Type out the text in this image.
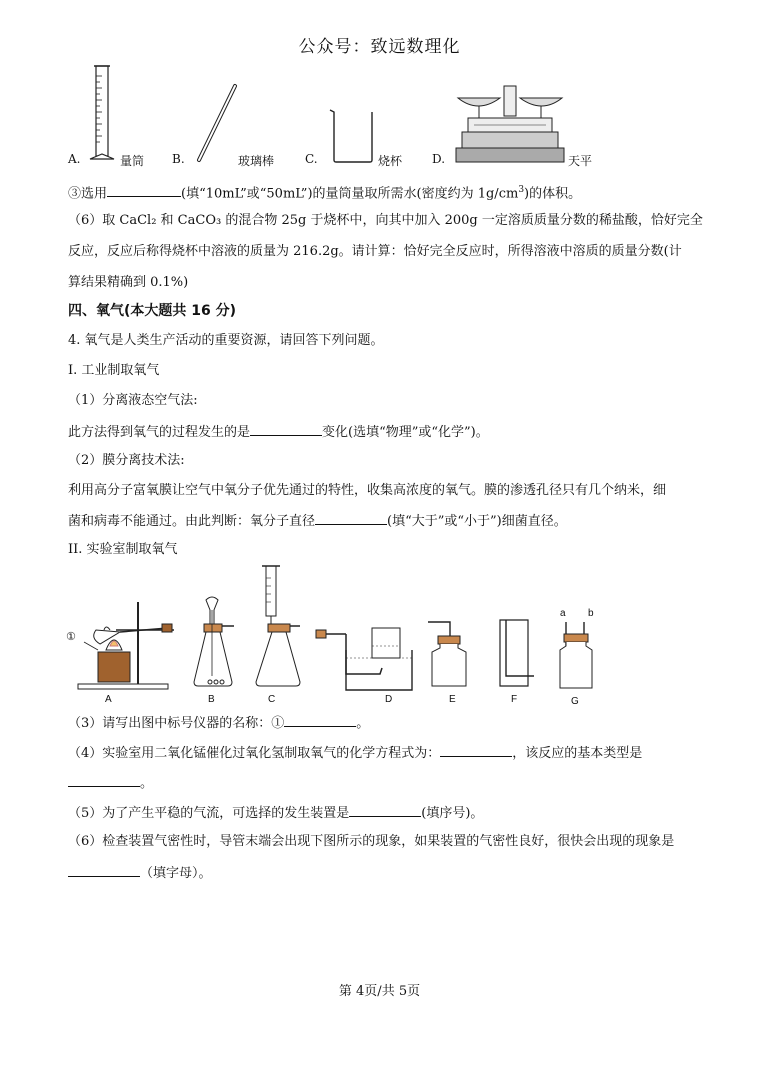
公众号：致远数理化
A.	量筒 B.	玻璃棒	C.	烧杯 D.	天平
③选用	(填“10mL”或“50mL”)的量筒量取所需水(密度约为 $1g/cm^3$)的体积。
（6）取 CaCl₂ 和 CaCO₃ 的混合物 25g 于烧杯中，向其中加入 200g 一定溶质质量分数的稀盐酸，恰好完全
反应，反应后称得烧杯中溶液的质量为 216.2g。请计算：恰好完全反应时，所得溶液中溶质的质量分数(计
算结果精确到 0.1%)
四、氧气(本大题共 16 分)
4. 氧气是人类生产活动的重要资源，请回答下列问题。
I. 工业制取氧气
（1）分离液态空气法:
此方法得到氧气的过程发生的是	变化(选填“物理”或“化学”)。
（2）膜分离技术法:
利用高分子富氧膜让空气中氧分子优先通过的特性，收集高浓度的氧气。膜的渗透孔径只有几个纳米，细
菌和病毒不能通过。由此判断：氧分子直径	(填“大于”或“小于”)细菌直径。
II. 实验室制取氧气
①
a b
A	B	C	D	E	F	G
（3）请写出图中标号仪器的名称：①	。
（4）实验室用二氧化锰催化过氧化氢制取氧气的化学方程式为：	，该反应的基本类型是
。
（5）为了产生平稳的气流，可选择的发生装置是	(填序号)。
（6）检查装置气密性时，导管末端会出现下图所示的现象，如果装置的气密性良好，很快会出现的现象是
（填字母）。
第 4页/共 5页
